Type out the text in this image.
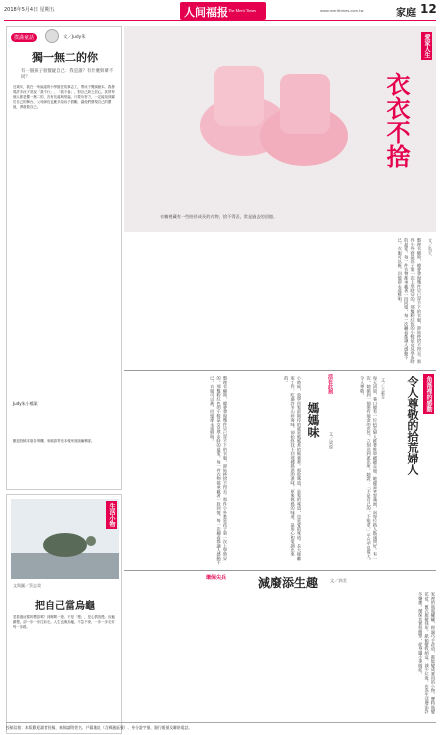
2018年5月4日 星期五	人间福报 The Merit Times	www.merittimes.com.tw	家庭 12
撲滿童話	文／Judy朱
獨一無二的你
有一個孩子很懷疑自己：我是誰？有什麼與眾不同？
近幾年，我在一所偏遠的小學擔任故事志工，帶孩子閱讀繪本。我發現許多孩子常說「我不行」、「我不會」，對自己缺乏信心。其實每個人都是獨一無二的，各有長處與短處。只要肯努力，一定能找到屬於自己的舞台。父母師長也應多給孩子鼓勵，讓他們發現自己的價值，勇敢做自己。
Judy朱小檔案
歡迎投稿本版各專欄，來稿請寄至本報家庭版編輯部。
生活小物
文與圖／蔡志榮
把自己當烏龜
忽看過這樣的標語嗎？到鄉間一遊，不是「慢」，是心情放慢。烏龜雖慢，卻一步一步往前走。人生也像烏龜，不急不徐，一步一步走好每一步路。
愛家人生
衣衣不捨
衣櫥裡藏有一些陪伴成長的衣物，捨不得丟，常是過去的回憶。
文／吳天
整理衣櫥時，總會發現幾件早已穿不下的衣服，卻始終捨不得丟。那件小外套是孩子第一次上學時穿的，那雙粉紅色的小鞋是女兒學步時的最愛。每一件衣物都承載著一段回憶，每一次翻看都讓人感動不已。衣服可以舊，回憶卻永遠鮮明。
角落裡的感動
令人尊敬的拾荒婦人
文／王素芬
每天清晨，巷口總有一位拾荒婦人推著推車緩緩走過。她總是笑容滿面，向每位路人點頭問好。有一次，她撿到一個裝有現金的皮包，立刻送到派出所。她說：「不是自己的，不能拿。」平凡中見偉大，令人尊敬。
活在此刻
媽媽味
文／梁偉
小時候，放學回家最期待的就是媽媽煮的飯菜香。那股味道，是家的味道，也是愛的味道。長大後離家工作，吃過許多山珍海味，卻始終找不回那種熟悉的滋味。原來媽媽的味道，是用心和愛調出來的。
整理衣櫥時，總會發現幾件早已穿不下的衣服，卻始終捨不得丟。那件小外套是孩子第一次上學時穿的，那雙粉紅色的小鞋是女兒學步時的最愛。每一件衣物都承載著一段回憶，每一次翻看都讓人感動不已。衣服可以舊，回憶卻永遠鮮明。
環保尖兵	減廢添生趣	文／郭美
家裡的瓶瓶罐罐，經過巧手改造，都能變成實用的小物。寶特瓶變花盆，舊衣服變抹布，紙箱變收納盒。減少垃圾，也為生活增添許多樂趣。環保其實很簡單，從身邊小事做起。
投稿信箱：本版歡迎讀者投稿，來稿請附姓名、戶籍地址（含郵遞區號）、身分證字號、銀行帳號及聯絡電話。
